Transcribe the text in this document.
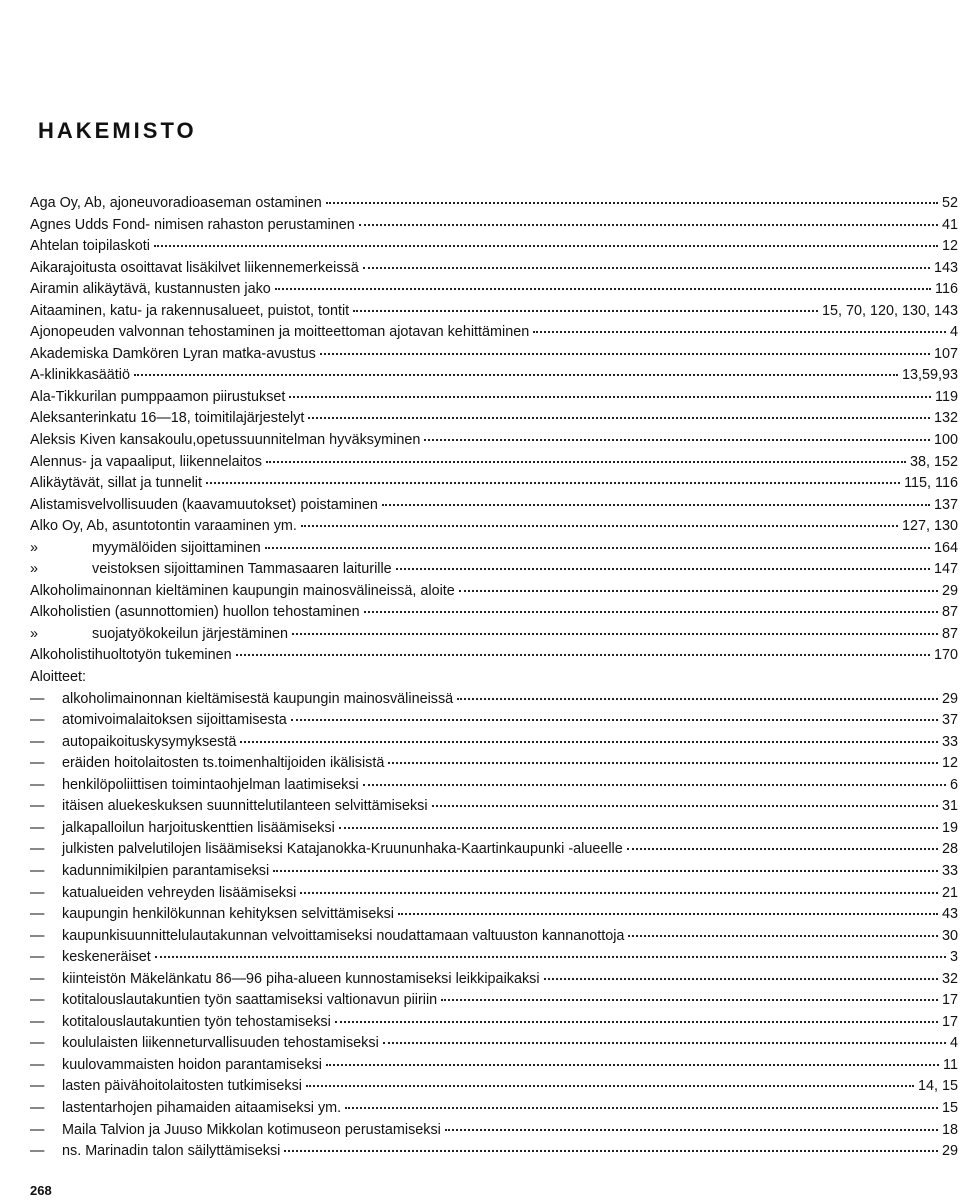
HAKEMISTO
Aga Oy, Ab, ajoneuvoradioaseman ostaminen	52
Agnes Udds Fond- nimisen rahaston perustaminen	41
Ahtelan toipilaskoti	12
Aikarajoitusta osoittavat lisäkilvet liikennemerkeissä	143
Airamin alikäytävä, kustannusten jako	116
Aitaaminen, katu- ja rakennusalueet, puistot, tontit	15, 70, 120, 130, 143
Ajonopeuden valvonnan tehostaminen ja moitteettoman ajotavan kehittäminen	4
Akademiska Damkören Lyran matka-avustus	107
A-klinikkasäätiö	13,59,93
Ala-Tikkurilan pumppaamon piirustukset	119
Aleksanterinkatu 16—18, toimitilajärjestelyt	132
Aleksis Kiven kansakoulu,opetussuunnitelman hyväksyminen	100
Alennus- ja vapaaliput, liikennelaitos	38, 152
Alikäytävät, sillat ja tunnelit	115, 116
Alistamisvelvollisuuden (kaavamuutokset) poistaminen	137
Alko Oy, Ab, asuntotontin varaaminen ym.	127, 130
»	myymälöiden sijoittaminen	164
»	veistoksen sijoittaminen Tammasaaren laiturille	147
Alkoholimainonnan kieltäminen kaupungin mainosvälineissä, aloite	29
Alkoholistien (asunnottomien) huollon tehostaminen	87
»	suojatyökokeilun järjestäminen	87
Alkoholistihuoltotyön tukeminen	170
Aloitteet:
—	alkoholimainonnan kieltämisestä kaupungin mainosvälineissä	29
—	atomivoimalaitoksen sijoittamisesta	37
—	autopaikoituskysymyksestä	33
—	eräiden hoitolaitosten ts.toimenhaltijoiden ikälisistä	12
—	henkilöpoliittisen toimintaohjelman laatimiseksi	6
—	itäisen aluekeskuksen suunnittelutilanteen selvittämiseksi	31
—	jalkapalloilun harjoituskenttien lisäämiseksi	19
—	julkisten palvelutilojen lisäämiseksi Katajanokka-Kruununhaka-Kaartinkaupunki -alueelle	28
—	kadunnimikilpien parantamiseksi	33
—	katualueiden vehreyden lisäämiseksi	21
—	kaupungin henkilökunnan kehityksen selvittämiseksi	43
—	kaupunkisuunnittelulautakunnan velvoittamiseksi noudattamaan valtuuston kannanottoja	30
—	keskeneräiset	3
—	kiinteistön Mäkelänkatu 86—96 piha-alueen kunnostamiseksi leikkipaikaksi	32
—	kotitalouslautakuntien työn saattamiseksi valtionavun piiriin	17
—	kotitalouslautakuntien työn tehostamiseksi	17
—	koululaisten liikenneturvallisuuden tehostamiseksi	4
—	kuulovammaisten hoidon parantamiseksi	11
—	lasten päivähoitolaitosten tutkimiseksi	14, 15
—	lastentarhojen pihamaiden aitaamiseksi ym.	15
—	Maila Talvion ja Juuso Mikkolan kotimuseon perustamiseksi	18
—	ns. Marinadin talon säilyttämiseksi	29

268
